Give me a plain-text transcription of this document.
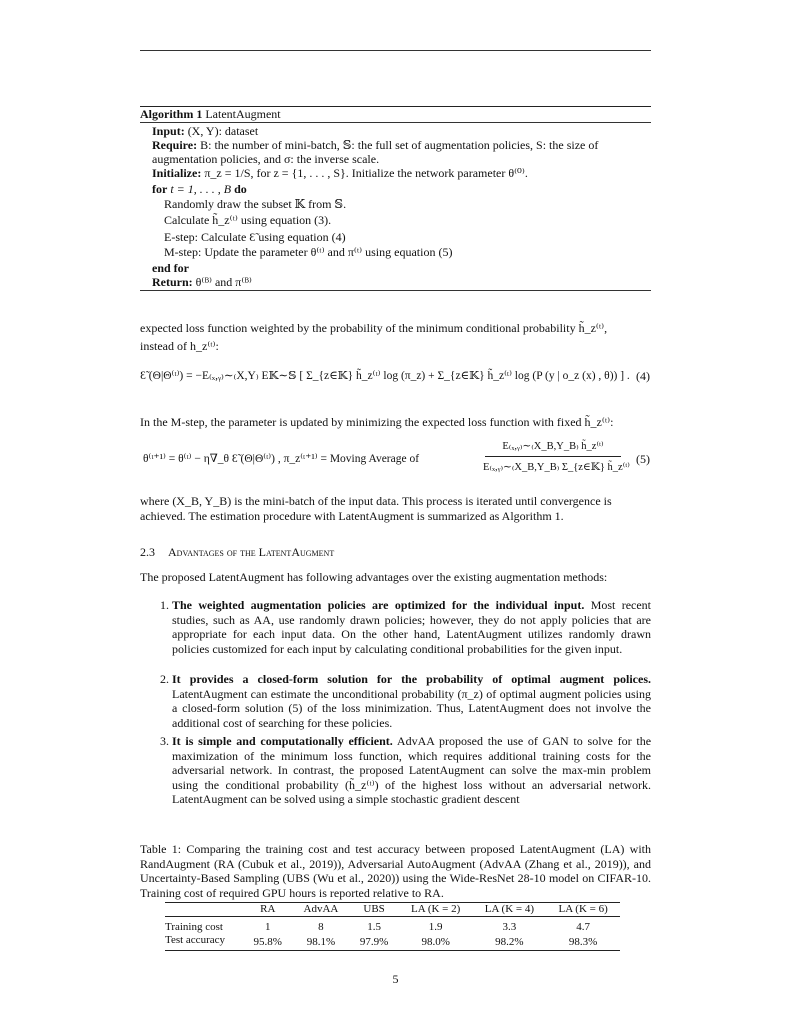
Algorithm 1 LatentAugment
Input: (X, Y): dataset
Require: B: the number of mini-batch, 𝕊: the full set of augmentation policies, S: the size of
augmentation policies, and σ: the inverse scale.
Initialize: π_z = 1/S, for z = {1, . . . , S}. Initialize the network parameter θ⁽⁰⁾.
for t = 1, . . . , B do
Randomly draw the subset 𝕂 from 𝕊.
Calculate h̃_z⁽ᵗ⁾ using equation (3).
E-step: Calculate Ɛ̃ using equation (4)
M-step: Update the parameter θ⁽ᵗ⁾ and π⁽ᵗ⁾ using equation (5)
end for
Return: θ⁽ᴮ⁾ and π⁽ᴮ⁾
expected loss function weighted by the probability of the minimum conditional probability h̃_z⁽ᵗ⁾,
instead of h_z⁽ᵗ⁾:
Ɛ̃ (Θ|Θ⁽ᵗ⁾) = −E₍ₓ,ᵧ₎∼₍X,Y₎ E𝕂∼𝕊 [ Σ_{z∈𝕂} h̃_z⁽ᵗ⁾ log (π_z) + Σ_{z∈𝕂} h̃_z⁽ᵗ⁾ log (P (y | o_z (x) , θ)) ] . (4)
In the M-step, the parameter is updated by minimizing the expected loss function with fixed h̃_z⁽ᵗ⁾:
θ⁽ᵗ⁺¹⁾ = θ⁽ᵗ⁾ − η∇_θ Ɛ̃ (Θ|Θ⁽ᵗ⁾) , π_z⁽ᵗ⁺¹⁾ = Moving Average of
E₍ₓ,ᵧ₎∼₍X_B,Y_B₎ h̃_z⁽ᵗ⁾
E₍ₓ,ᵧ₎∼₍X_B,Y_B₎ Σ_{z∈𝕂} h̃_z⁽ᵗ⁾
(5)
where (X_B, Y_B) is the mini-batch of the input data. This process is iterated until convergence is
achieved. The estimation procedure with LatentAugment is summarized as Algorithm 1.
2.3 Advantages of the LatentAugment
The proposed LatentAugment has following advantages over the existing augmentation methods:
1. The weighted augmentation policies are optimized for the individual input. Most recent studies, such as AA, use randomly drawn policies; however, they do not apply policies that are appropriate for each input data. On the other hand, LatentAugment utilizes randomly drawn policies customized for each input by calculating conditional probabilities for the given input.
2. It provides a closed-form solution for the probability of optimal augment polices. LatentAugment can estimate the unconditional probability (π_z) of optimal augment policies using a closed-form solution (5) of the loss minimization. Thus, LatentAugment does not involve the additional cost of searching for these policies.
3. It is simple and computationally efficient. AdvAA proposed the use of GAN to solve for the maximization of the minimum loss function, which requires additional training costs for the adversarial network. In contrast, the proposed LatentAugment can solve the max-min problem using the conditional probability (h̃_z⁽ᵗ⁾) of the highest loss without an adversarial network. LatentAugment can be solved using a simple stochastic gradient descent
Table 1: Comparing the training cost and test accuracy between proposed LatentAugment (LA) with RandAugment (RA (Cubuk et al., 2019)), Adversarial AutoAugment (AdvAA (Zhang et al., 2019)), and Uncertainty-Based Sampling (UBS (Wu et al., 2020)) using the Wide-ResNet 28-10 model on CIFAR-10. Training cost of required GPU hours is reported relative to RA.
	RA	AdvAA	UBS	LA (K = 2)	LA (K = 4)	LA (K = 6)
Training cost	1	8	1.5	1.9	3.3	4.7
Test accuracy	95.8%	98.1%	97.9%	98.0%	98.2%	98.3%
5
